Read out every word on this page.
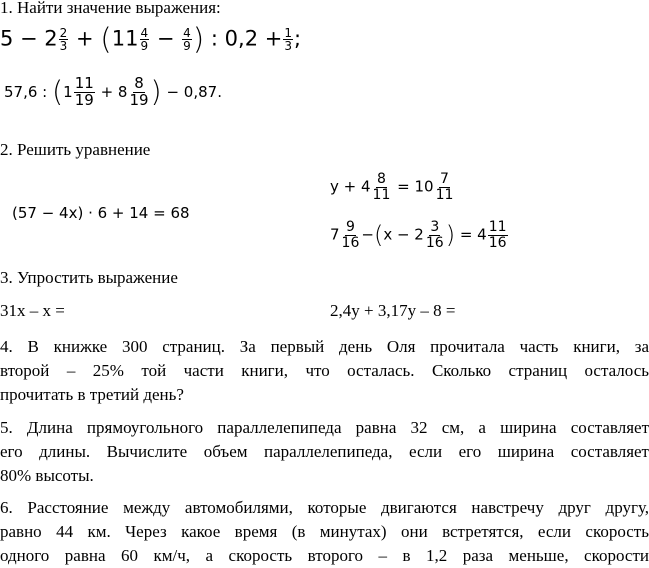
1. Найти значение выражения:
$5 - 2 \frac{2}{3} + (11 \frac{4}{9} - \frac{4}{9}$ ) : $0,2 + \frac{1}{3}$ ;
57,6 : ($1 \frac{11}{19} + 8 \frac{8}{19}$ ) − 0,87.
2. Решить уравнение
(57 − 4x) · 6 + 14 = 68
$y + 4 \frac{8}{11} = 10 \frac{7}{11}$
$7 \frac{9}{16} -(x - 2 \frac{3}{16}$ ) = $4 \frac{11}{16}$
3. Упростить выражение
31x – x =	2,4y + 3,17y – 8 =
4. В книжке 300 страниц. За первый день Оля прочитала часть книги, за
второй – 25% той части книги, что осталась. Сколько страниц осталось
прочитать в третий день?
5. Длина прямоугольного параллелепипеда равна 32 см, а ширина составляет
его длины. Вычислите объем параллелепипеда, если его ширина составляет
80% высоты.
6. Расстояние между автомобилями, которые двигаются навстречу друг другу,
равно 44 км. Через какое время (в минутах) они встретятся, если скорость
одного равна 60 км/ч, а скорость второго – в 1,2 раза меньше, скорости
